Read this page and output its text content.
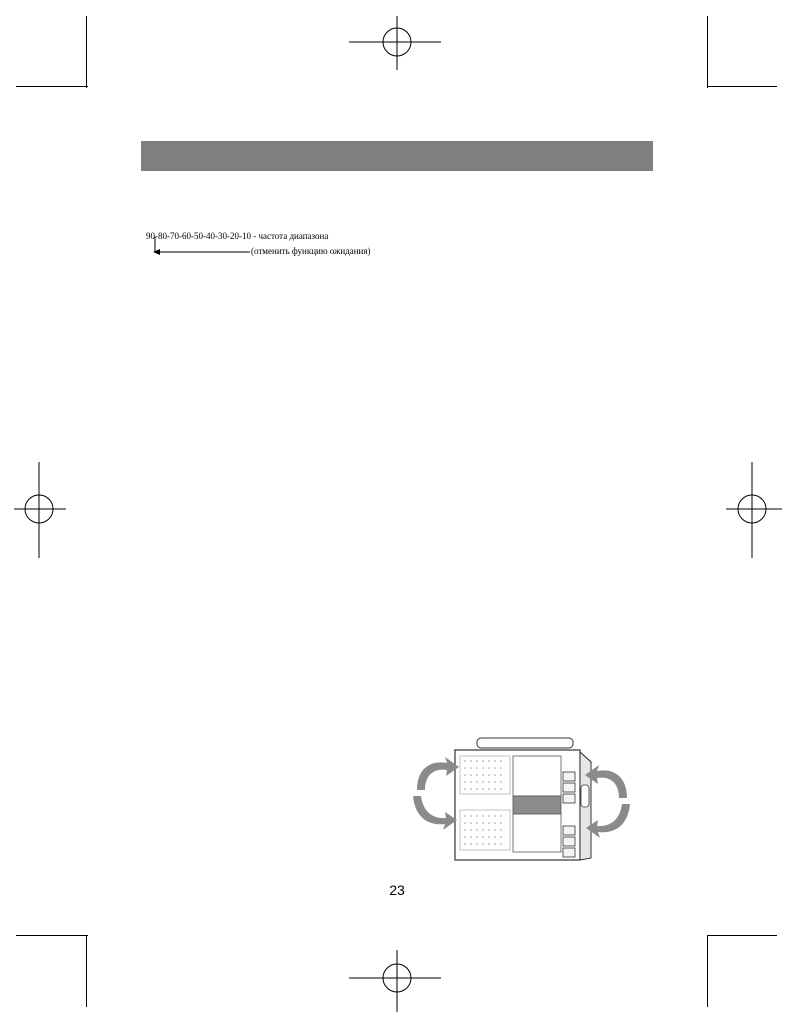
90-80-70-60-50-40-30-20-10 - частота диапазона
(отменить функцию ожидания)
23
